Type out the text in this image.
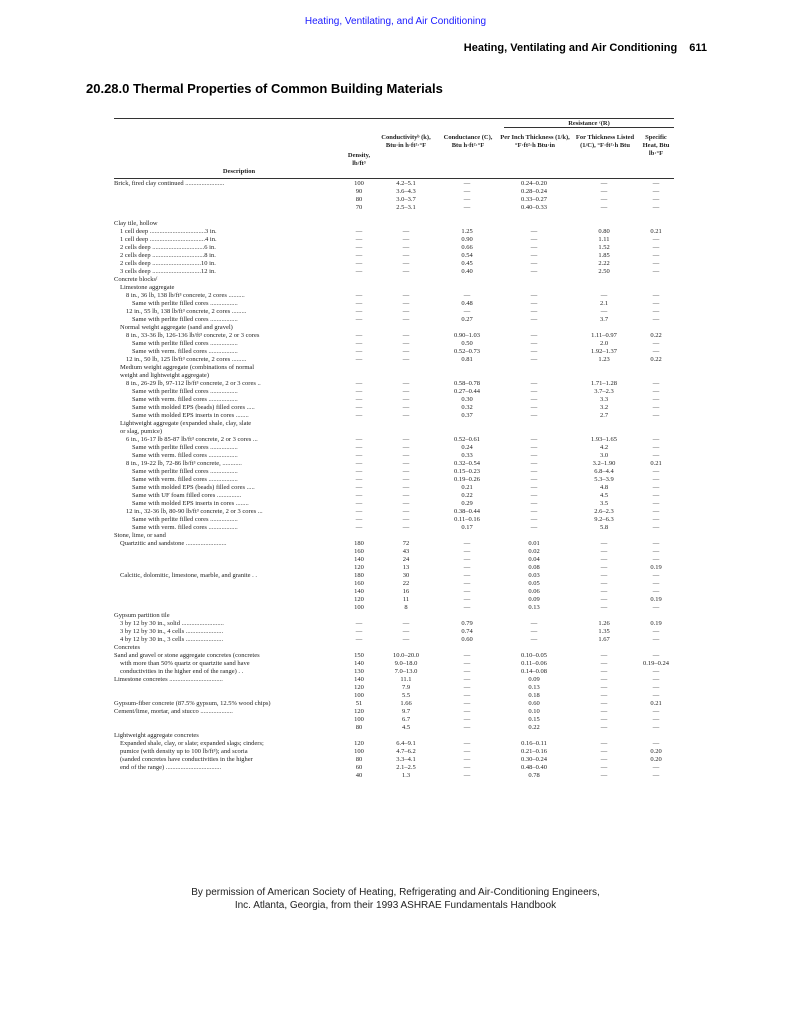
Heating, Ventilating, and Air Conditioning
Heating, Ventilating and Air Conditioning 611
20.28.0 Thermal Properties of Common Building Materials
Resistance ᶜ(R)
Description
Density, lb/ft³
Conductivityᵇ (k), Btu·in h·ft²·°F
Conductance (C), Btu h·ft²·°F
Per Inch Thickness (1/k), °F·ft²·h Btu·in
For Thickness Listed (1/C), °F·ft²·h Btu
Specific Heat, Btu lb·°F
Brick, fired clay continued ........................	100	4.2–5.1	—	0.24–0.20	—	—
	90	3.6–4.3	—	0.28–0.24	—	—
	80	3.0–3.7	—	0.33–0.27	—	—
	70	2.5–3.1	—	0.40–0.33	—	—

Clay tile, hollow						
1 cell deep ..................................3 in.	—	—	1.25	—	0.80	0.21
1 cell deep ..................................4 in.	—	—	0.90	—	1.11	—
2 cells deep ................................6 in.	—	—	0.66	—	1.52	—
2 cells deep ................................8 in.	—	—	0.54	—	1.85	—
2 cells deep ..............................10 in.	—	—	0.45	—	2.22	—
3 cells deep ..............................12 in.	—	—	0.40	—	2.50	—
Concrete blocksᶠ						
Limestone aggregate						
8 in., 36 lb, 138 lb/ft³ concrete, 2 cores ..........	—	—	—	—	—	—
Same with perlite filled cores .................	—	—	0.48	—	2.1	—
12 in., 55 lb, 138 lb/ft³ concrete, 2 cores .........	—	—	—	—	—	—
Same with perlite filled cores .................	—	—	0.27	—	3.7	—
Normal weight aggregate (sand and gravel)						
8 in., 33-36 lb, 126-136 lb/ft³ concrete, 2 or 3 cores	—	—	0.90–1.03	—	1.11–0.97	0.22
Same with perlite filled cores .................	—	—	0.50	—	2.0	—
Same with verm. filled cores ..................	—	—	0.52–0.73	—	1.92–1.37	—
12 in., 50 lb, 125 lb/ft³ concrete, 2 cores .........	—	—	0.81	—	1.23	0.22
Medium weight aggregate (combinations of normal						
weight and lightweight aggregate)						
8 in., 26-29 lb, 97-112 lb/ft³ concrete, 2 or 3 cores ..	—	—	0.58–0.78	—	1.71–1.28	—
Same with perlite filled cores .................	—	—	0.27–0.44	—	3.7–2.3	—
Same with verm. filled cores ..................	—	—	0.30	—	3.3	—
Same with molded EPS (beads) filled cores .....	—	—	0.32	—	3.2	—
Same with molded EPS inserts in cores ........	—	—	0.37	—	2.7	—
Lightweight aggregate (expanded shale, clay, slate						
or slag, pumice)						
6 in., 16-17 lb 85-87 lb/ft³ concrete, 2 or 3 cores ...	—	—	0.52–0.61	—	1.93–1.65	—
Same with perlite filled cores .................	—	—	0.24	—	4.2	—
Same with verm. filled cores ..................	—	—	0.33	—	3.0	—
8 in., 19-22 lb, 72-86 lb/ft³ concrete, ............	—	—	0.32–0.54	—	3.2–1.90	0.21
Same with perlite filled cores .................	—	—	0.15–0.23	—	6.8–4.4	—
Same with verm. filled cores ..................	—	—	0.19–0.26	—	5.3–3.9	—
Same with molded EPS (beads) filled cores .....	—	—	0.21	—	4.8	—
Same with UF foam filled cores ...............	—	—	0.22	—	4.5	—
Same with molded EPS inserts in cores ........	—	—	0.29	—	3.5	—
12 in., 32-36 lb, 80-90 lb/ft³ concrete, 2 or 3 cores ...	—	—	0.38–0.44	—	2.6–2.3	—
Same with perlite filled cores .................	—	—	0.11–0.16	—	9.2–6.3	—
Same with verm. filled cores ..................	—	—	0.17	—	5.8	—
Stone, lime, or sand						
Quartzitic and sandstone .........................	180	72	—	0.01	—	—
	160	43	—	0.02	—	—
	140	24	—	0.04	—	—
	120	13	—	0.08	—	0.19
Calcitic, dolomitic, limestone, marble, and granite . .	180	30	—	0.03	—	—
	160	22	—	0.05	—	—
	140	16	—	0.06	—	—
	120	11	—	0.09	—	0.19
	100	8	—	0.13	—	—
Gypsum partition tile						
3 by 12 by 30 in., solid ..........................	—	—	0.79	—	1.26	0.19
3 by 12 by 30 in., 4 cells .......................	—	—	0.74	—	1.35	—
4 by 12 by 30 in., 3 cells .......................	—	—	0.60	—	1.67	—
Concretes						
Sand and gravel or stone aggregate concretes (concretes	150	10.0–20.0	—	0.10–0.05	—	—
with more than 50% quartz or quartzite sand have	140	9.0–18.0	—	0.11–0.06	—	0.19–0.24
conductivities in the higher end of the range) . .	130	7.0–13.0	—	0.14–0.08	—	—
Limestone concretes .................................	140	11.1	—	0.09	—	—
	120	7.9	—	0.13	—	—
	100	5.5	—	0.18	—	—
Gypsum-fiber concrete (87.5% gypsum, 12.5% wood chips)	51	1.66	—	0.60	—	0.21
Cement/lime, mortar, and stucco ....................	120	9.7	—	0.10	—	—
	100	6.7	—	0.15	—	—
	80	4.5	—	0.22	—	—
Lightweight aggregate concretes						
Expanded shale, clay, or slate; expanded slags; cinders;	120	6.4–9.1	—	0.16–0.11	—	—
pumice (with density up to 100 lb/ft³); and scoria	100	4.7–6.2	—	0.21–0.16	—	0.20
(sanded concretes have conductivities in the higher	80	3.3–4.1	—	0.30–0.24	—	0.20
end of the range) ..................................	60	2.1–2.5	—	0.48–0.40	—	—
	40	1.3	—	0.78	—	—
By permission of American Society of Heating, Refrigerating and Air-Conditioning Engineers,
Inc. Atlanta, Georgia, from their 1993 ASHRAE Fundamentals Handbook
